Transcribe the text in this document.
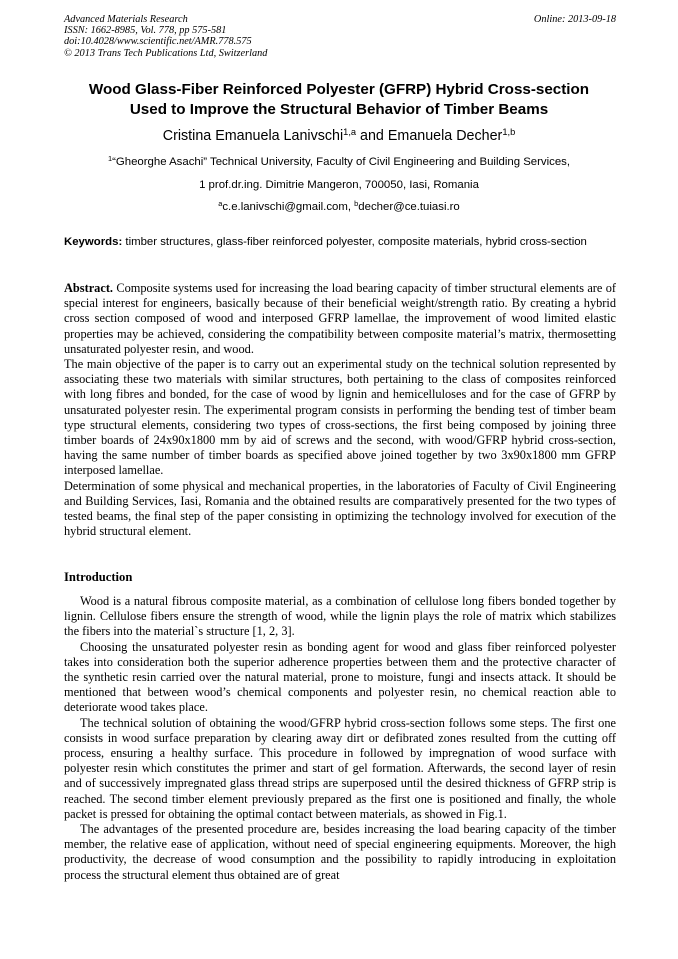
Advanced Materials Research
ISSN: 1662-8985, Vol. 778, pp 575-581
doi:10.4028/www.scientific.net/AMR.778.575
© 2013 Trans Tech Publications Ltd, Switzerland
Online: 2013-09-18
Wood Glass-Fiber Reinforced Polyester (GFRP) Hybrid Cross-section
Used to Improve the Structural Behavior of Timber Beams
Cristina Emanuela Lanivschi$^{1,a}$ and Emanuela Decher$^{1,b}$
$^1$“Gheorghe Asachi” Technical University, Faculty of Civil Engineering and Building Services,
1 prof.dr.ing. Dimitrie Mangeron, 700050, Iasi, Romania
$^a$c.e.lanivschi@gmail.com, $^b$decher@ce.tuiasi.ro
Keywords: timber structures, glass-fiber reinforced polyester, composite materials, hybrid cross-section

Abstract. Composite systems used for increasing the load bearing capacity of timber structural elements are of special interest for engineers, basically because of their beneficial weight/strength ratio. By creating a hybrid cross section composed of wood and interposed GFRP lamellae, the improvement of wood limited elastic properties may be achieved, considering the compatibility between composite material’s matrix, thermosetting unsaturated polyester resin, and wood.

The main objective of the paper is to carry out an experimental study on the technical solution represented by associating these two materials with similar structures, both pertaining to the class of composites reinforced with long fibres and bonded, for the case of wood by lignin and hemicelluloses and for the case of GFRP by unsaturated polyester resin. The experimental program consists in performing the bending test of timber beam type structural elements, considering two types of cross-sections, the first being composed by joining three timber boards of 24x90x1800 mm by aid of screws and the second, with wood/GFRP hybrid cross-section, having the same number of timber boards as specified above joined together by two 3x90x1800 mm GFRP interposed lamellae.

Determination of some physical and mechanical properties, in the laboratories of Faculty of Civil Engineering and Building Services, Iasi, Romania and the obtained results are comparatively presented for the two types of tested beams, the final step of the paper consisting in optimizing the technology involved for execution of the hybrid structural element.

Introduction

Wood is a natural fibrous composite material, as a combination of cellulose long fibers bonded together by lignin. Cellulose fibers ensure the strength of wood, while the lignin plays the role of matrix which stabilizes the fibers into the material`s structure [1, 2, 3].

Choosing the unsaturated polyester resin as bonding agent for wood and glass fiber reinforced polyester takes into consideration both the superior adherence properties between them and the protective character of the synthetic resin carried over the natural material, prone to moisture, fungi and insects attack. It should be mentioned that between wood’s chemical components and polyester resin, no chemical reaction able to deteriorate wood takes place.

The technical solution of obtaining the wood/GFRP hybrid cross-section follows some steps. The first one consists in wood surface preparation by clearing away dirt or defibrated zones resulted from the cutting off process, ensuring a healthy surface. This procedure in followed by impregnation of wood surface with polyester resin which constitutes the primer and start of gel formation. Afterwards, the second layer of resin and of successively impregnated glass thread strips are superposed until the desired thickness of GFRP strip is reached. The second timber element previously prepared as the first one is positioned and finally, the whole packet is pressed for obtaining the optimal contact between materials, as showed in Fig.1.

The advantages of the presented procedure are, besides increasing the load bearing capacity of the timber member, the relative ease of application, without need of special engineering equipments. Moreover, the high productivity, the decrease of wood consumption and the possibility to rapidly introducing in exploitation process the structural element thus obtained are of great
